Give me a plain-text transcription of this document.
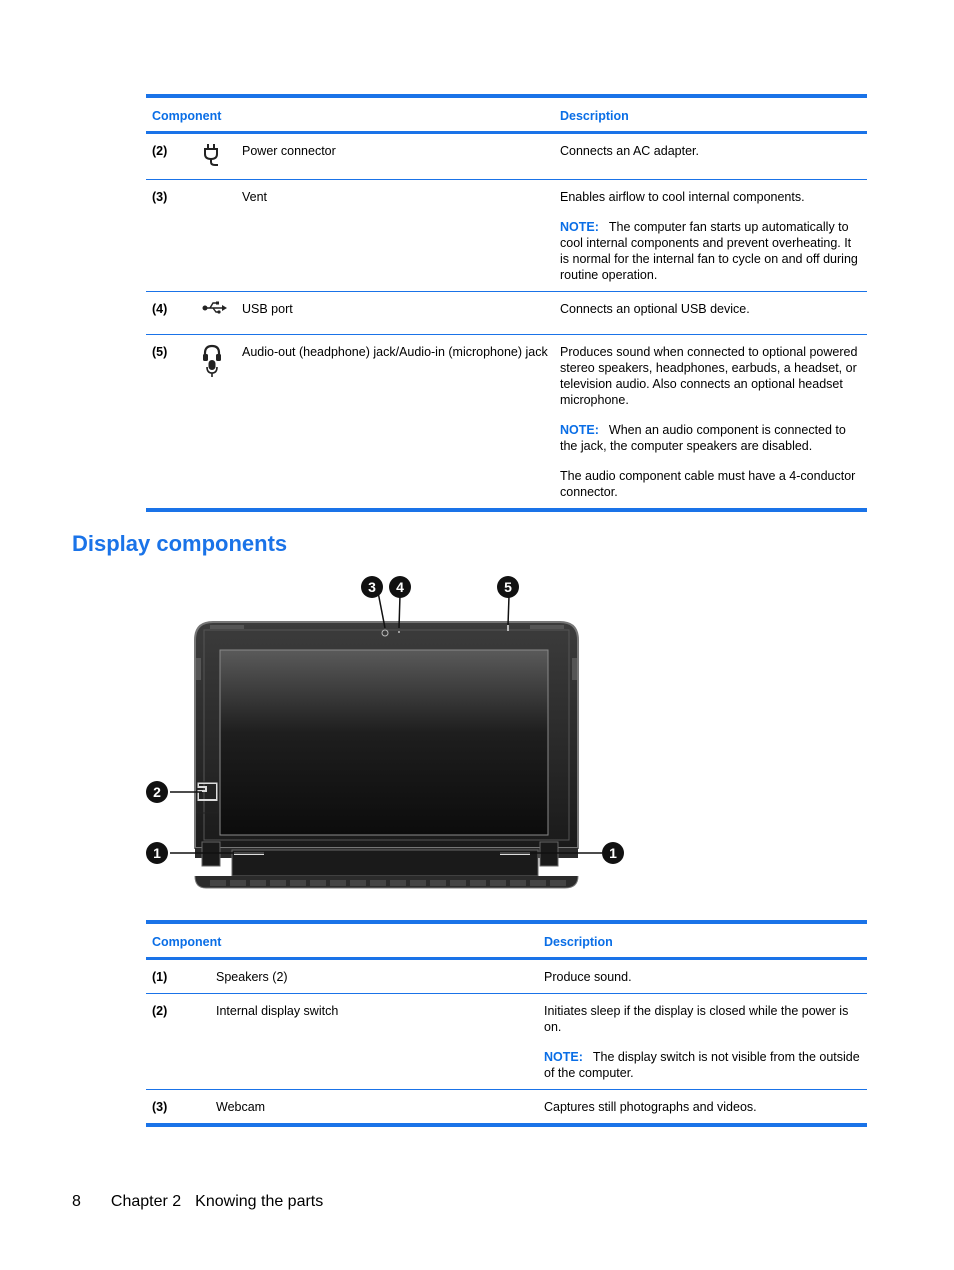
Component			Description
(2)		Power connector	Connects an AC adapter.

(3)		Vent	Enables airflow to cool internal components.

NOTE: The computer fan starts up automatically to cool internal components and prevent overheating. It is normal for the internal fan to cycle on and off during routine operation.

(4)		USB port	Connects an optional USB device.

(5)		Audio-out (headphone) jack/Audio-in (microphone) jack	Produces sound when connected to optional powered stereo speakers, headphones, earbuds, a headset, or television audio. Also connects an optional headset microphone.

NOTE: When an audio component is connected to the jack, the computer speakers are disabled.

The audio component cable must have a 4-conductor connector.

Display components
3 4	5
2
1	1
Component		Description
(1)	Speakers (2)	Produce sound.
(2)	Internal display switch	Initiates sleep if the display is closed while the power is on.

NOTE: The display switch is not visible from the outside of the computer.

(3)	Webcam	Captures still photographs and videos.
8 Chapter 2 Knowing the parts
